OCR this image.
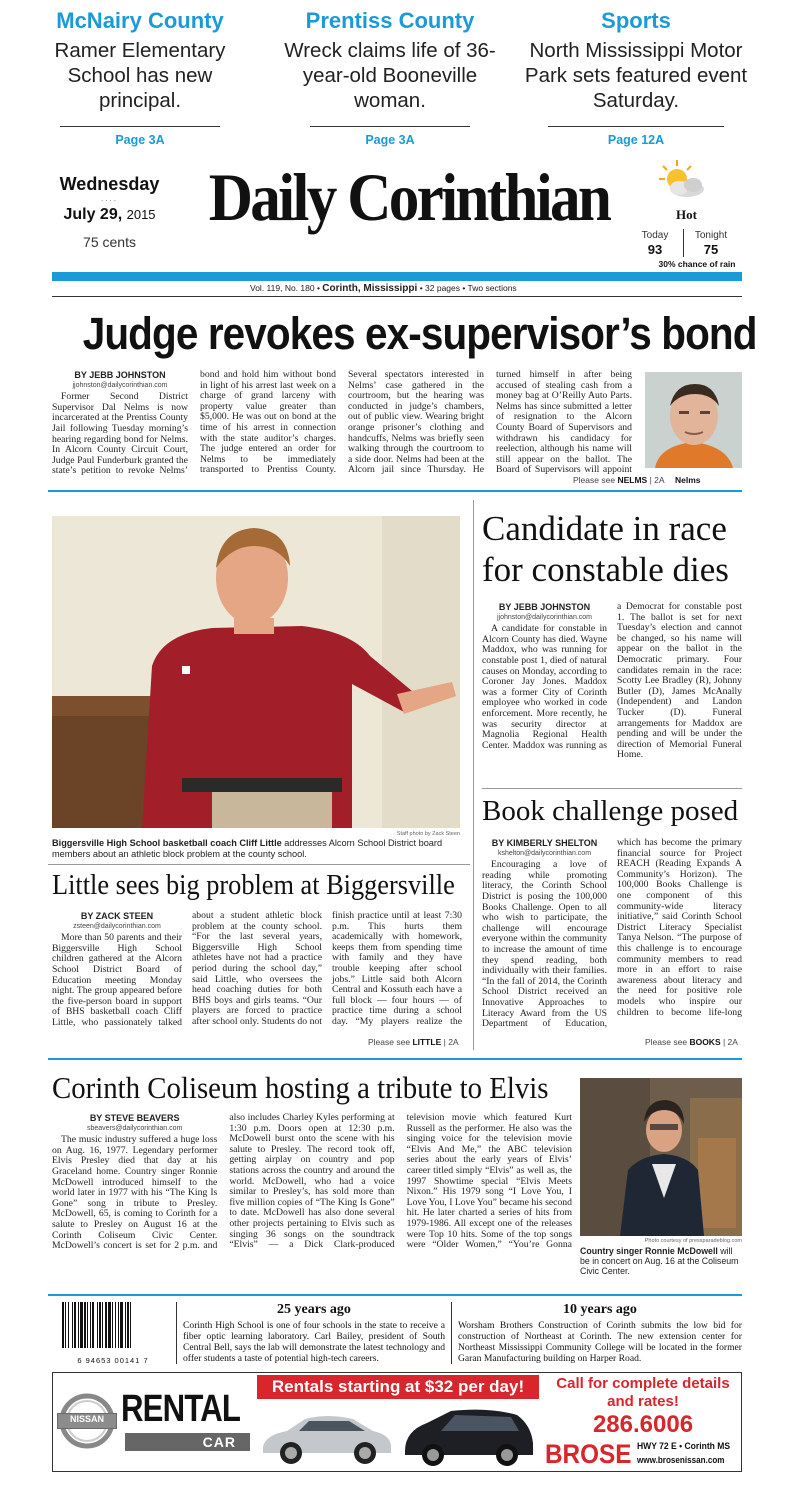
McNairy County
Ramer Elementary School has new principal.
Page 3A
Prentiss County
Wreck claims life of 36-year-old Booneville woman.
Page 3A
Sports
North Mississippi Motor Park sets featured event Saturday.
Page 12A
Wednesday
....
July 29, 2015
75 cents
Daily Corinthian	Hot
Today	Tonight
93	75
30% chance of rain
Vol. 119, No. 180 • Corinth, Mississippi • 32 pages • Two sections
Judge revokes ex-supervisor’s bond
BY JEBB JOHNSTON
jjohnston@dailycorinthian.com

Former Second District Supervisor Dal Nelms is now incarcerated at the Prentiss County Jail following Tuesday morning’s hearing regarding bond for Nelms. In Alcorn County Circuit Court, Judge Paul Funderburk granted the state’s petition to revoke Nelms’ bond and hold him without bond in light of his arrest last week on a charge of grand larceny with property value greater than $5,000. He was out on bond at the time of his arrest in connection with the state auditor’s charges. The judge entered an order for Nelms to be immediately transported to Prentiss County. Several spectators interested in Nelms’ case gathered in the courtroom, but the hearing was conducted in judge’s chambers, out of public view. Wearing bright orange prisoner’s clothing and handcuffs, Nelms was briefly seen walking through the courtroom to a side door. Nelms had been at the Alcorn jail since Thursday. He turned himself in after being accused of stealing cash from a money bag at O’Reilly Auto Parts. Nelms has since submitted a letter of resignation to the Alcorn County Board of Supervisors and withdrawn his candidacy for reelection, although his name will still appear on the ballot. The Board of Supervisors will appoint

Please see NELMS | 2A Nelms
Staff photo by Zack Steen
Biggersville High School basketball coach Cliff Little addresses Alcorn School District board members about an athletic block problem at the county school.
Little sees big problem at Biggersville
BY ZACK STEEN
zsteen@dailycorinthian.com

More than 50 parents and their Biggersville High School children gathered at the Alcorn School District Board of Education meeting Monday night. The group appeared before the five-person board in support of BHS basketball coach Cliff Little, who passionately talked about a student athletic block problem at the county school. “For the last several years, Biggersville High School athletes have not had a practice period during the school day,” said Little, who oversees the head coaching duties for both BHS boys and girls teams. “Our players are forced to practice after school only. Students do not finish practice until at least 7:30 p.m. This hurts them academically with homework, keeps them from spending time with family and they have trouble keeping after school jobs.” Little said both Alcorn Central and Kossuth each have a full block — four hours — of practice time during a school day. “My players realize the

Please see LITTLE | 2A
Candidate in race
for constable dies
BY JEBB JOHNSTON
jjohnston@dailycorinthian.com

A candidate for constable in Alcorn County has died. Wayne Maddox, who was running for constable post 1, died of natural causes on Monday, according to Coroner Jay Jones. Maddox was a former City of Corinth employee who worked in code enforcement. More recently, he was security director at Magnolia Regional Health Center. Maddox was running as a Democrat for constable post 1. The ballot is set for next Tuesday’s election and cannot be changed, so his name will appear on the ballot in the Democratic primary. Four candidates remain in the race: Scotty Lee Bradley (R), Johnny Butler (D), James McAnally (Independent) and Landon Tucker (D). Funeral arrangements for Maddox are pending and will be under the direction of Memorial Funeral Home.

Book challenge posed
BY KIMBERLY SHELTON
kshelton@dailycorinthian.com

Encouraging a love of reading while promoting literacy, the Corinth School District is posing the 100,000 Books Challenge. Open to all who wish to participate, the challenge will encourage everyone within the community to increase the amount of time they spend reading, both individually with their families. “In the fall of 2014, the Corinth School District received an Innovative Approaches to Literacy Award from the US Department of Education, which has become the primary financial source for Project REACH (Reading Expands A Community’s Horizon). The 100,000 Books Challenge is one component of this community-wide literacy initiative,” said Corinth School District Literacy Specialist Tanya Nelson. “The purpose of this challenge is to encourage community members to read more in an effort to raise awareness about literacy and the need for positive role models who inspire our children to become life-long

Please see BOOKS | 2A
Corinth Coliseum hosting a tribute to Elvis
BY STEVE BEAVERS
sbeavers@dailycorinthian.com

The music industry suffered a huge loss on Aug. 16, 1977. Legendary performer Elvis Presley died that day at his Graceland home. Country singer Ronnie McDowell introduced himself to the world later in 1977 with his “The King Is Gone” song in tribute to Presley. McDowell, 65, is coming to Corinth for a salute to Presley on August 16 at the Corinth Coliseum Civic Center. McDowell’s concert is set for 2 p.m. and also includes Charley Kyles performing at 1:30 p.m. Doors open at 12:30 p.m. McDowell burst onto the scene with his salute to Presley. The record took off, getting airplay on country and pop stations across the country and around the world. McDowell, who had a voice similar to Presley’s, has sold more than five million copies of “The King Is Gone” to date. McDowell has also done several other projects pertaining to Elvis such as singing 36 songs on the soundtrack “Elvis” — a Dick Clark-produced television movie which featured Kurt Russell as the performer. He also was the singing voice for the television movie “Elvis And Me,” the ABC television series about the early years of Elvis’ career titled simply “Elvis” as well as, the 1997 Showtime special “Elvis Meets Nixon.” His 1979 song “I Love You, I Love You, I Love You” became his second hit. He later charted a series of hits from 1979-1986. All except one of the releases were Top 10 hits. Some of the top songs were “Older Women,” “You’re Gonna	Photo courtesy of pressparadeblog.com
Country singer Ronnie McDowell will be in concert on Aug. 16 at the Coliseum Civic Center.
6 94653 00141 7
25 years ago
Corinth High School is one of four schools in the state to receive a fiber optic learning laboratory. Carl Bailey, president of South Central Bell, says the lab will demonstrate the latest technology and offer students a taste of potential high-tech careers.
10 years ago
Worsham Brothers Construction of Corinth submits the low bid for construction of Northeast at Corinth. The new extension center for Northeast Mississippi Community College will be located in the former Garan Manufacturing building on Harper Road.
NISSAN RENTAL
CAR
Rentals starting at $32 per day!	Call for complete details
and rates!
286.6006
BROSE HWY 72 E • Corinth MS
www.brosenissan.com
